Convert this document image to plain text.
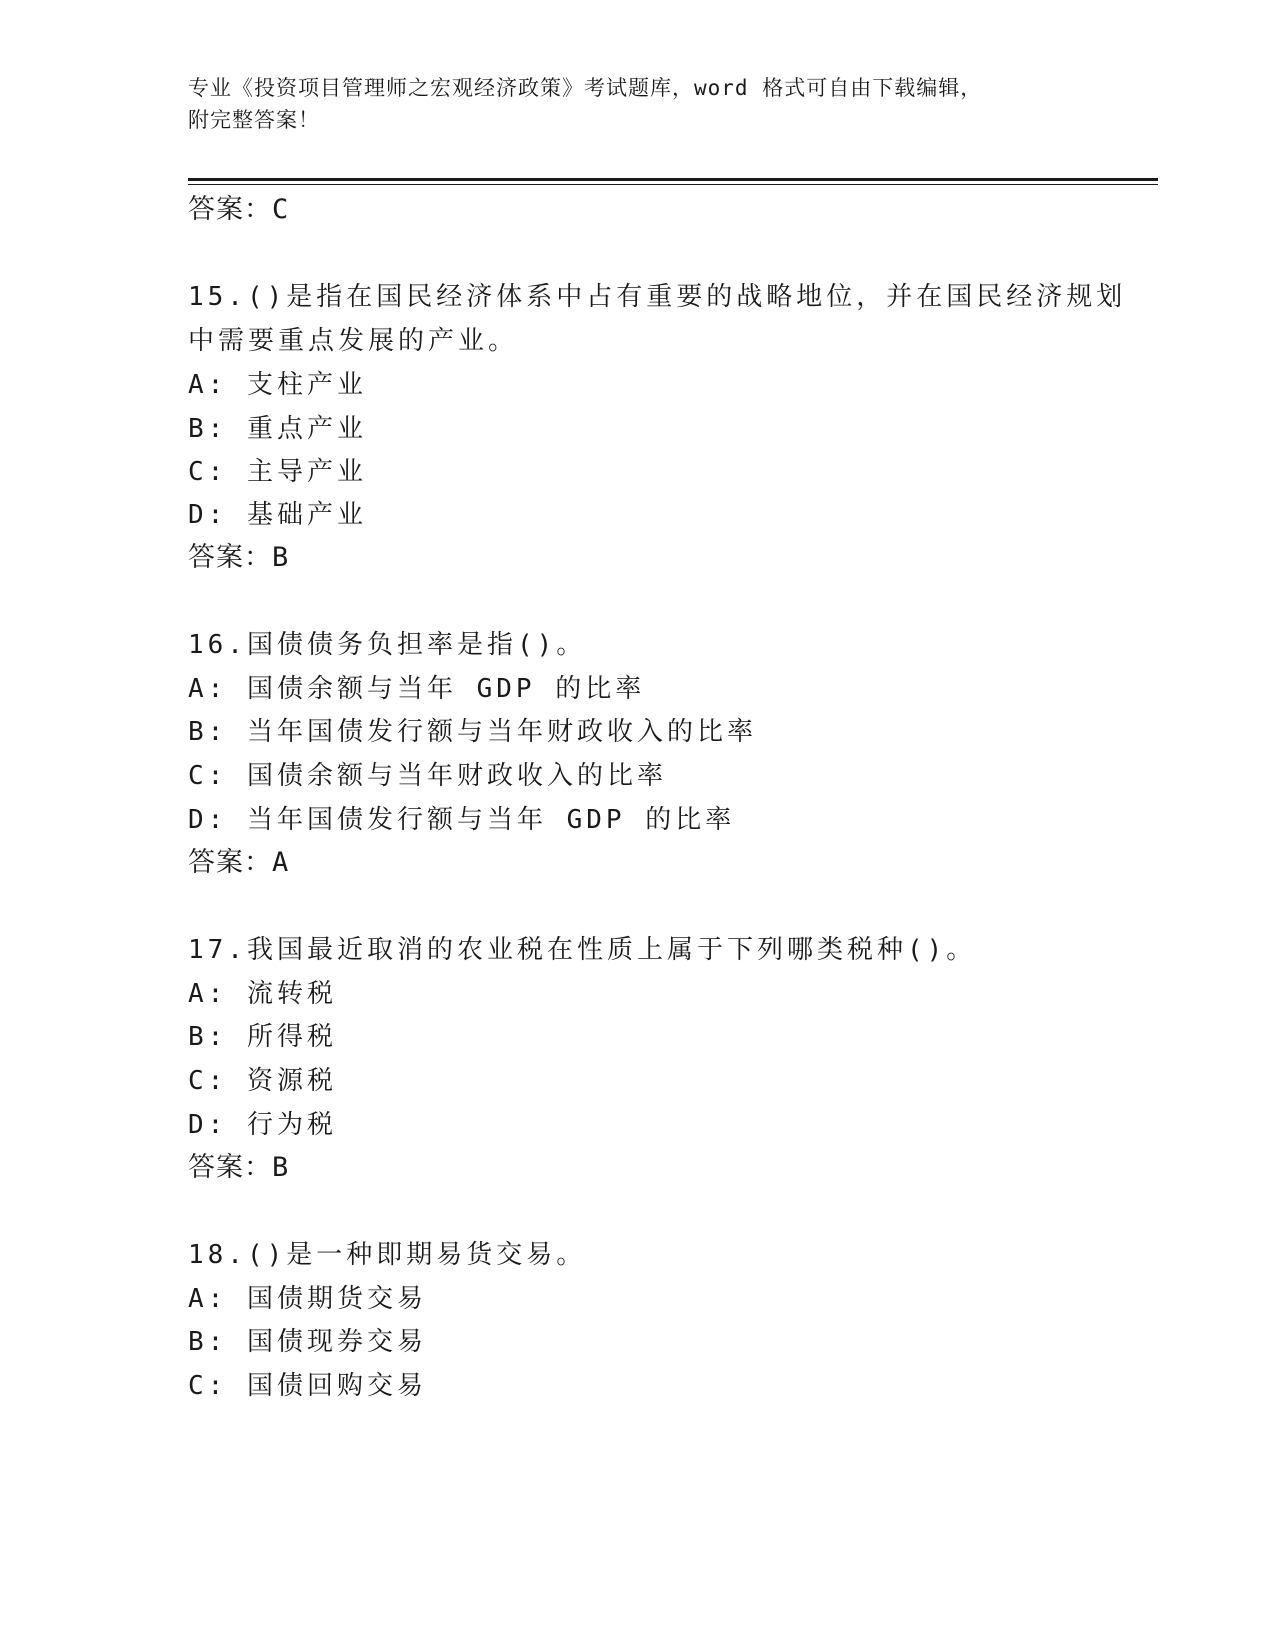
专业《投资项目管理师之宏观经济政策》考试题库，word 格式可自由下载编辑，
附完整答案！
答案：C
15.()是指在国民经济体系中占有重要的战略地位，并在国民经济规划
中需要重点发展的产业。
A: 支柱产业
B: 重点产业
C: 主导产业
D: 基础产业
答案：B
16.国债债务负担率是指()。
A: 国债余额与当年 GDP 的比率
B: 当年国债发行额与当年财政收入的比率
C: 国债余额与当年财政收入的比率
D: 当年国债发行额与当年 GDP 的比率
答案：A
17.我国最近取消的农业税在性质上属于下列哪类税种()。
A: 流转税
B: 所得税
C: 资源税
D: 行为税
答案：B
18.()是一种即期易货交易。
A: 国债期货交易
B: 国债现券交易
C: 国债回购交易
